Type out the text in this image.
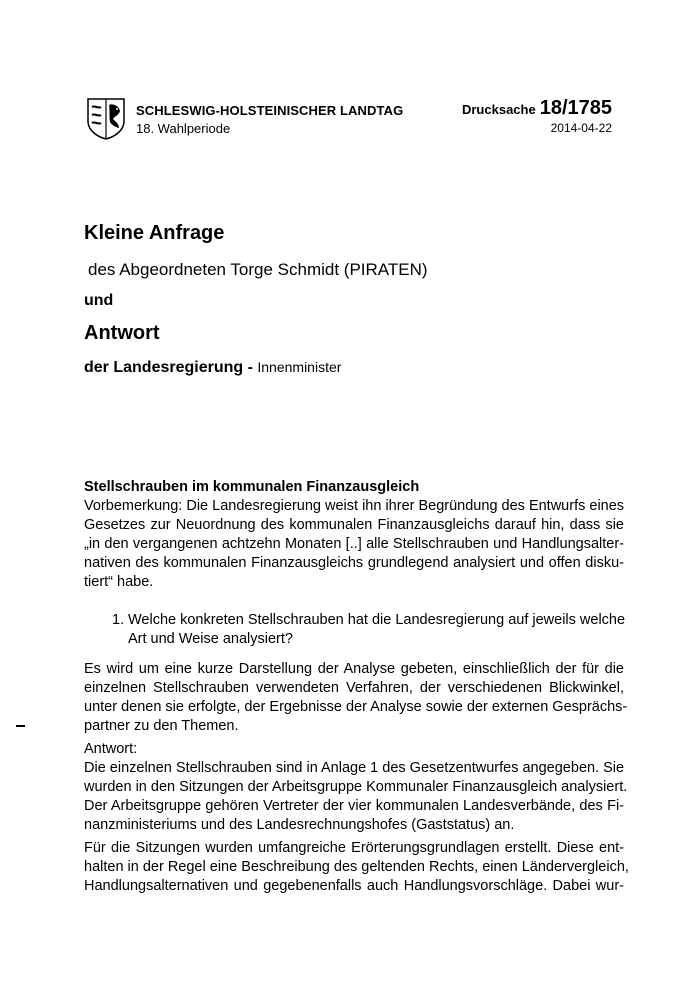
SCHLESWIG-HOLSTEINISCHER LANDTAG
18. Wahlperiode
Drucksache 18/1785
2014-04-22
Kleine Anfrage
des Abgeordneten Torge Schmidt (PIRATEN)
und
Antwort
der Landesregierung - Innenminister
Stellschrauben im kommunalen Finanzausgleich
Vorbemerkung: Die Landesregierung weist ihn ihrer Begründung des Entwurfs eines
Gesetzes zur Neuordnung des kommunalen Finanzausgleichs darauf hin, dass sie
„in den vergangenen achtzehn Monaten [..] alle Stellschrauben und Handlungsalter-
nativen des kommunalen Finanzausgleichs grundlegend analysiert und offen disku-
tiert“ habe.
1. Welche konkreten Stellschrauben hat die Landesregierung auf jeweils welche
Art und Weise analysiert?
Es wird um eine kurze Darstellung der Analyse gebeten, einschließlich der für die
einzelnen Stellschrauben verwendeten Verfahren, der verschiedenen Blickwinkel,
unter denen sie erfolgte, der Ergebnisse der Analyse sowie der externen Gesprächs-
partner zu den Themen.
Antwort:
Die einzelnen Stellschrauben sind in Anlage 1 des Gesetzentwurfes angegeben. Sie
wurden in den Sitzungen der Arbeitsgruppe Kommunaler Finanzausgleich analysiert.
Der Arbeitsgruppe gehören Vertreter der vier kommunalen Landesverbände, des Fi-
nanzministeriums und des Landesrechnungshofes (Gaststatus) an.
Für die Sitzungen wurden umfangreiche Erörterungsgrundlagen erstellt. Diese ent-
halten in der Regel eine Beschreibung des geltenden Rechts, einen Ländervergleich,
Handlungsalternativen und gegebenenfalls auch Handlungsvorschläge. Dabei wur-
